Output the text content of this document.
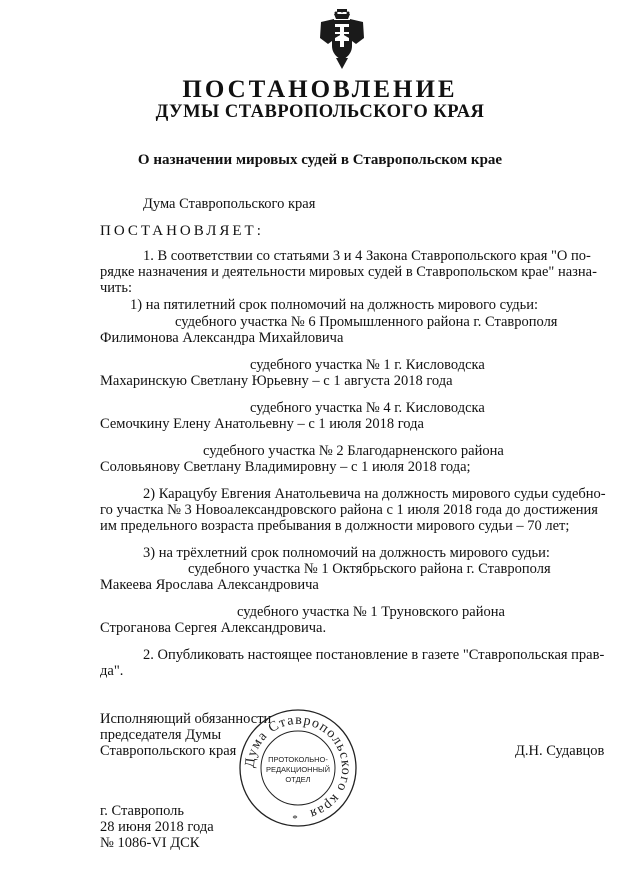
ПОСТАНОВЛЕНИЕ
ДУМЫ СТАВРОПОЛЬСКОГО КРАЯ
О назначении мировых судей в Ставропольском крае
Дума Ставропольского края
ПОСТАНОВЛЯЕТ:
1. В соответствии со статьями 3 и 4 Закона Ставропольского края "О по-
рядке назначения и деятельности мировых судей в Ставропольском крае" назна-
чить:
1) на пятилетний срок полномочий на должность мирового судьи:
судебного участка № 6 Промышленного района г. Ставрополя
Филимонова Александра Михайловича
судебного участка № 1 г. Кисловодска
Махаринскую Светлану Юрьевну – с 1 августа 2018 года
судебного участка № 4 г. Кисловодска
Семочкину Елену Анатольевну – с 1 июля 2018 года
судебного участка № 2 Благодарненского района
Соловьянову Светлану Владимировну – с 1 июля 2018 года;
2) Карацубу Евгения Анатольевича на должность мирового судьи судебно-
го участка № 3 Новоалександровского района с 1 июля 2018 года до достижения
им предельного возраста пребывания в должности мирового судьи – 70 лет;
3) на трёхлетний срок полномочий на должность мирового судьи:
судебного участка № 1 Октябрьского района г. Ставрополя
Макеева Ярослава Александровича
судебного участка № 1 Труновского района
Строганова Сергея Александровича.
2. Опубликовать настоящее постановление в газете "Ставропольская прав-
да".
Исполняющий обязанности
председателя Думы
Ставропольского края	Д.Н. Судавцов
Дума Ставропольского края
ПРОТОКОЛЬНО-
РЕДАКЦИОННЫЙ
ОТДЕЛ
*
г. Ставрополь
28 июня 2018 года
№ 1086-VI ДСК
